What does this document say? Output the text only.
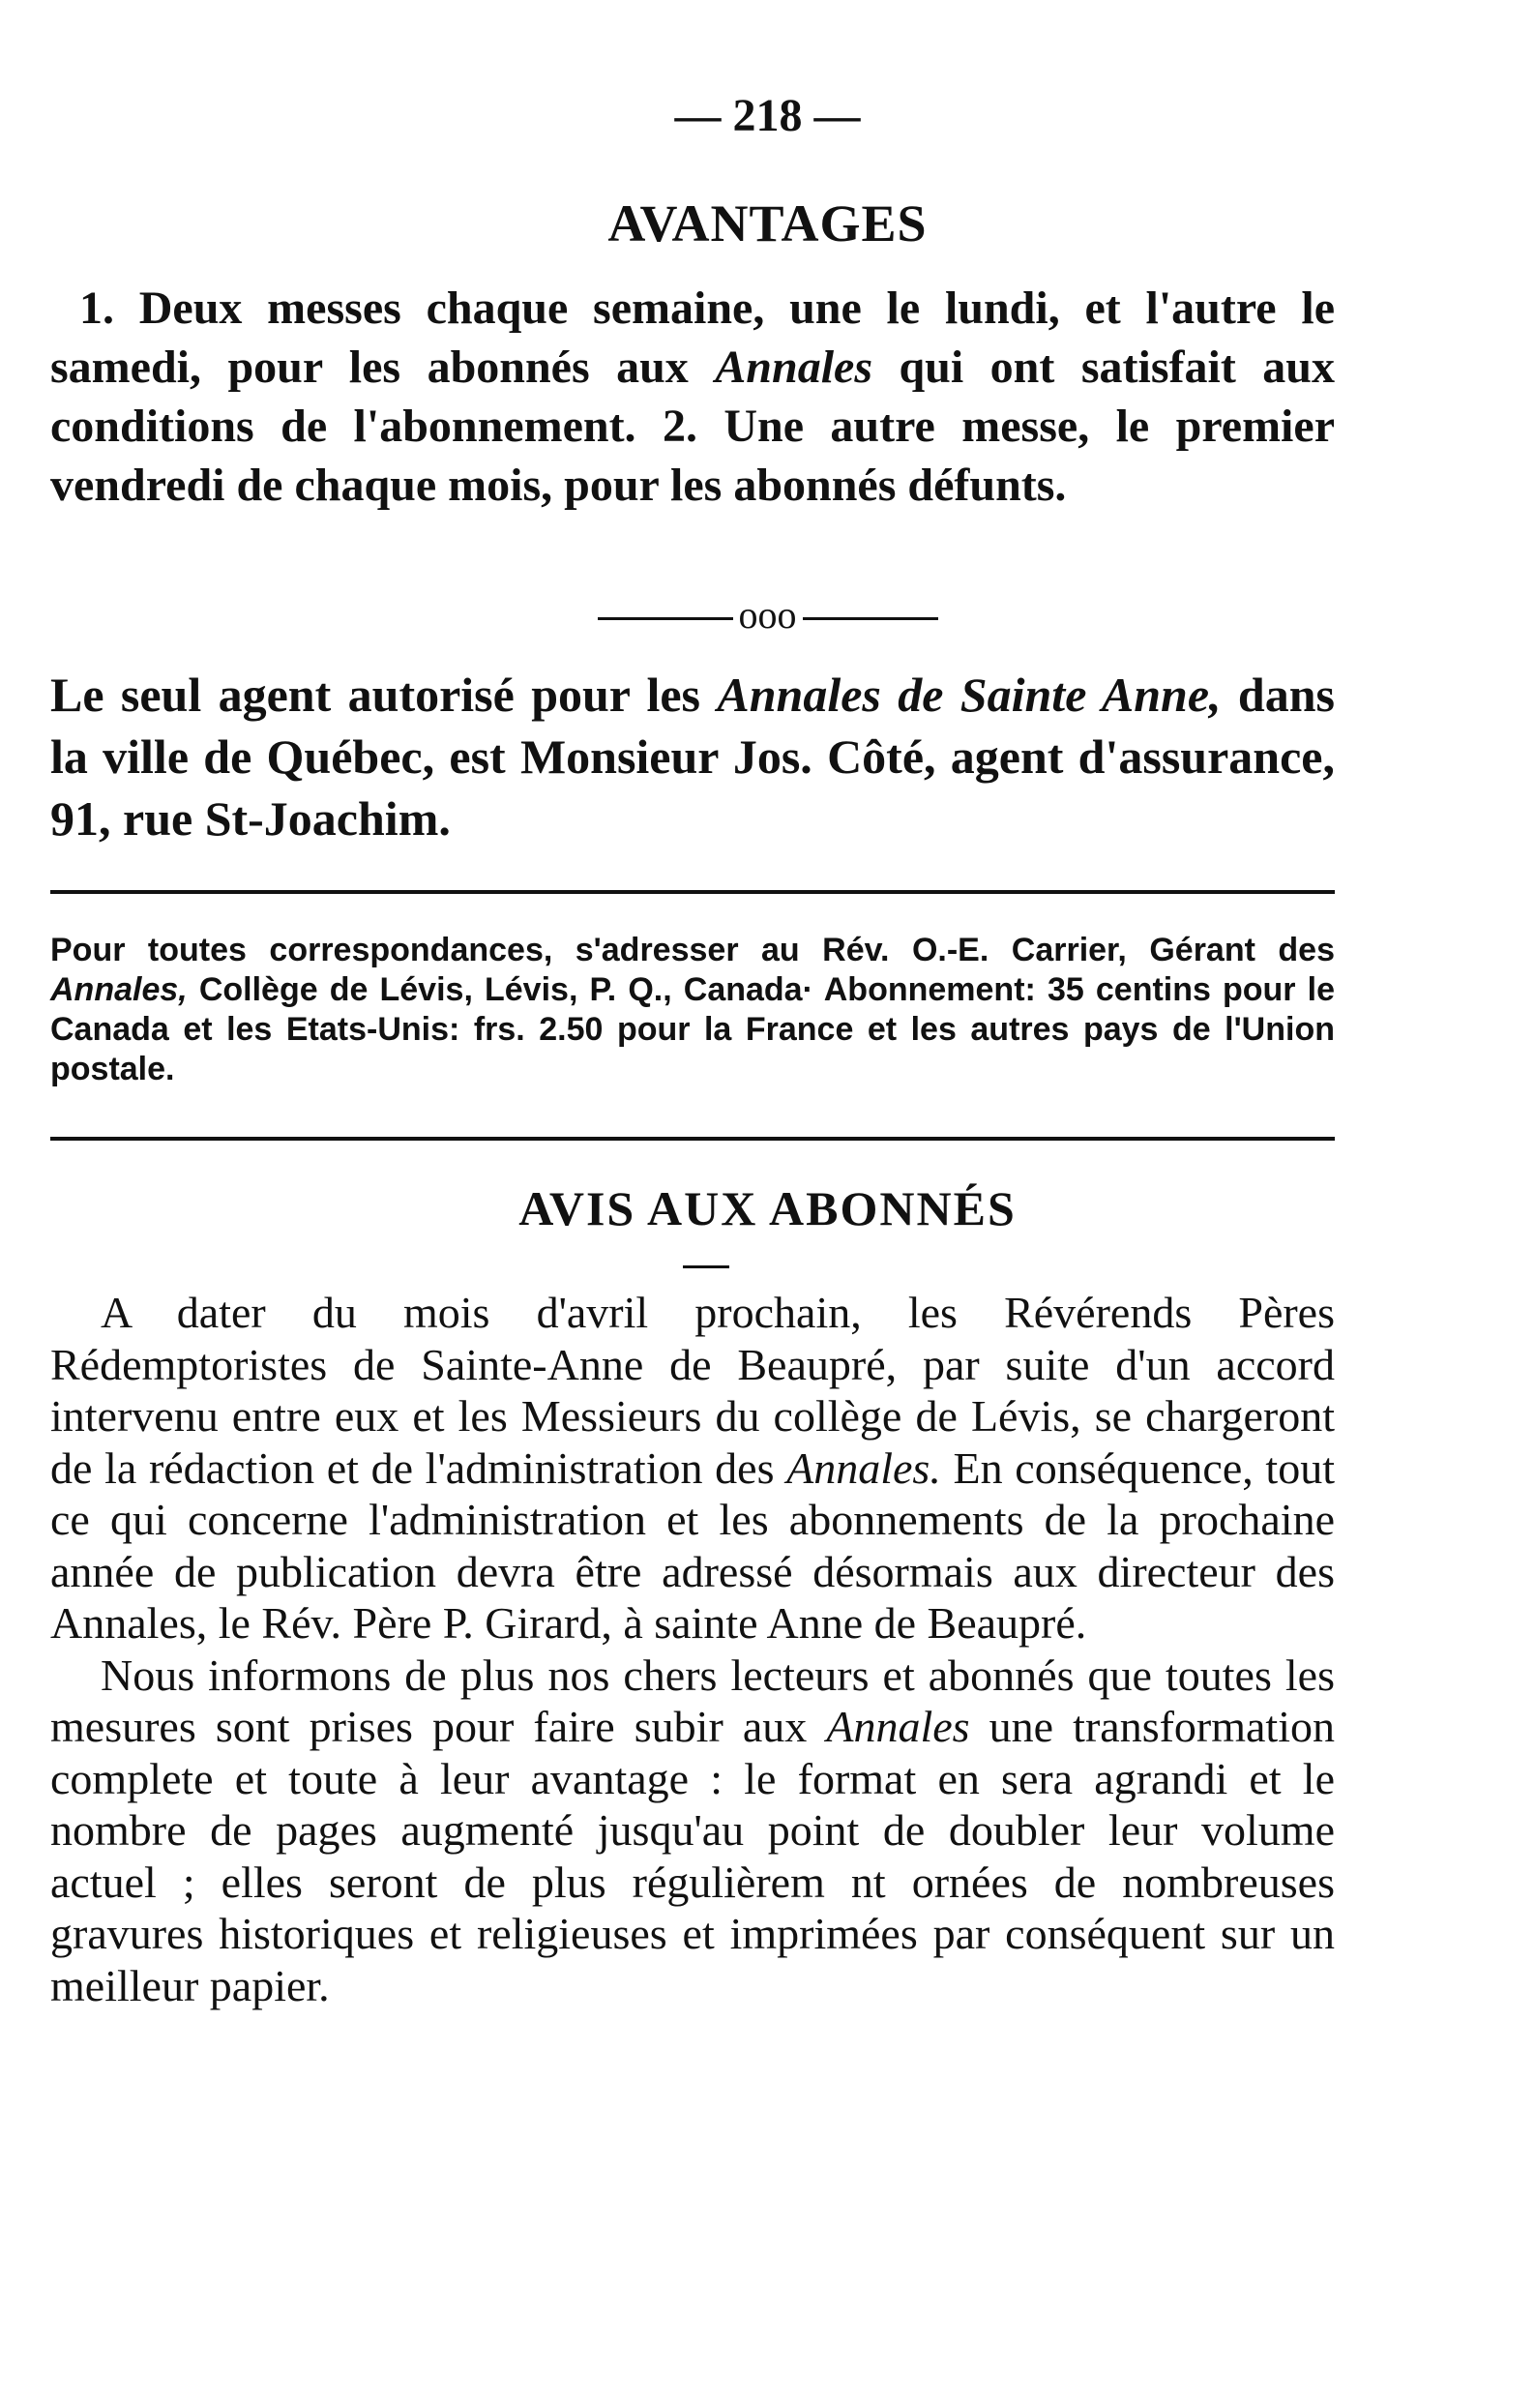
— 218 —

AVANTAGES

1. Deux messes chaque semaine, une le lundi, et l'autre le samedi, pour les abonnés aux Annales qui ont satisfait aux conditions de l'abonnement. 2. Une autre messe, le premier vendredi de chaque mois, pour les abonnés défunts.

ooo

Le seul agent autorisé pour les Annales de Sainte Anne, dans la ville de Québec, est Monsieur Jos. Côté, agent d'assurance, 91, rue St-Joachim.

Pour toutes correspondances, s'adresser au Rév. O.-E. Carrier, Gérant des Annales, Collège de Lévis, Lévis, P. Q., Canada· Abonnement: 35 centins pour le Canada et les Etats-Unis: frs. 2.50 pour la France et les autres pays de l'Union postale.

AVIS AUX ABONNÉS

A dater du mois d'avril prochain, les Révérends Pères Rédemptoristes de Sainte-Anne de Beaupré, par suite d'un accord intervenu entre eux et les Messieurs du collège de Lévis, se chargeront de la rédaction et de l'administration des Annales. En conséquence, tout ce qui concerne l'administration et les abonnements de la prochaine année de publication devra être adressé désormais aux directeur des Annales, le Rév. Père P. Girard, à sainte Anne de Beaupré.

Nous informons de plus nos chers lecteurs et abonnés que toutes les mesures sont prises pour faire subir aux Annales une transformation complete et toute à leur avantage : le format en sera agrandi et le nombre de pages augmenté jusqu'au point de doubler leur volume actuel ; elles seront de plus régulièrem nt ornées de nombreuses gravures historiques et religieuses et imprimées par conséquent sur un meilleur papier.
